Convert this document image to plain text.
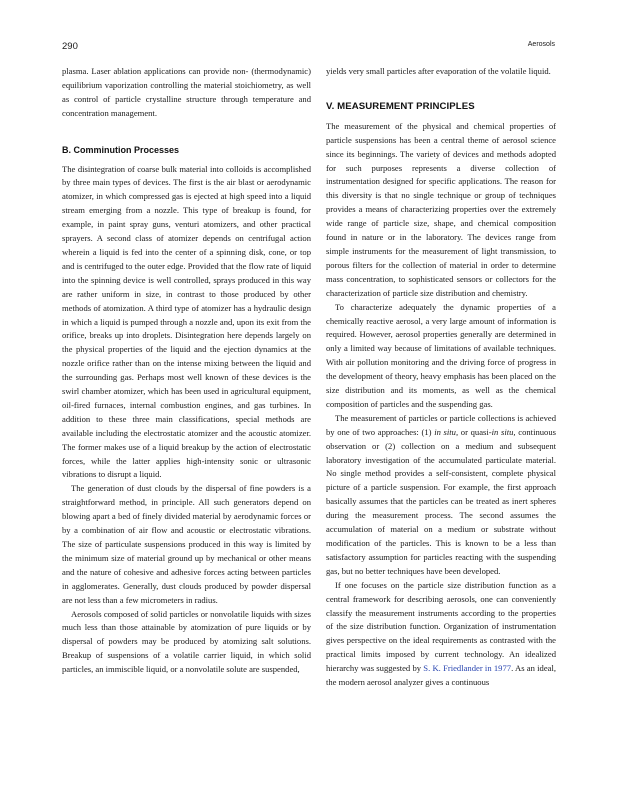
290	Aerosols

plasma. Laser ablation applications can provide non- (thermodynamic) equilibrium vaporization controlling the material stoichiometry, as well as control of particle crystalline structure through temperature and concentration management.

B. Comminution Processes

The disintegration of coarse bulk material into colloids is accomplished by three main types of devices. The first is the air blast or aerodynamic atomizer, in which compressed gas is ejected at high speed into a liquid stream emerging from a nozzle. This type of breakup is found, for example, in paint spray guns, venturi atomizers, and other practical sprayers. A second class of atomizer depends on centrifugal action wherein a liquid is fed into the center of a spinning disk, cone, or top and is centrifuged to the outer edge. Provided that the flow rate of liquid into the spinning device is well controlled, sprays produced in this way are rather uniform in size, in contrast to those produced by other methods of atomization. A third type of atomizer has a hydraulic design in which a liquid is pumped through a nozzle and, upon its exit from the orifice, breaks up into droplets. Disintegration here depends largely on the physical properties of the liquid and the ejection dynamics at the nozzle orifice rather than on the intense mixing between the liquid and the surrounding gas. Perhaps most well known of these devices is the swirl chamber atomizer, which has been used in agricultural equipment, oil-fired furnaces, internal combustion engines, and gas turbines. In addition to these three main classifications, special methods are available including the electrostatic atomizer and the acoustic atomizer. The former makes use of a liquid breakup by the action of electrostatic forces, while the latter applies high-intensity sonic or ultrasonic vibrations to disrupt a liquid.

The generation of dust clouds by the dispersal of fine powders is a straightforward method, in principle. All such generators depend on blowing apart a bed of finely divided material by aerodynamic forces or by a combination of air flow and acoustic or electrostatic vibrations. The size of particulate suspensions produced in this way is limited by the minimum size of material ground up by mechanical or other means and the nature of cohesive and adhesive forces acting between particles in agglomerates. Generally, dust clouds produced by powder dispersal are not less than a few micrometers in radius.

Aerosols composed of solid particles or nonvolatile liquids with sizes much less than those attainable by atomization of pure liquids or by dispersal of powders may be produced by atomizing salt solutions. Breakup of suspensions of a volatile carrier liquid, in which solid particles, an immiscible liquid, or a nonvolatile solute are suspended,

yields very small particles after evaporation of the volatile liquid.

V. MEASUREMENT PRINCIPLES

The measurement of the physical and chemical properties of particle suspensions has been a central theme of aerosol science since its beginnings. The variety of devices and methods adopted for such purposes represents a diverse collection of instrumentation designed for specific applications. The reason for this diversity is that no single technique or group of techniques provides a means of characterizing properties over the extremely wide range of particle size, shape, and chemical composition found in nature or in the laboratory. The devices range from simple instruments for the measurement of light transmission, to porous filters for the collection of material in order to determine mass concentration, to sophisticated sensors or collectors for the characterization of particle size distribution and chemistry.

To characterize adequately the dynamic properties of a chemically reactive aerosol, a very large amount of information is required. However, aerosol properties generally are determined in only a limited way because of limitations of available techniques. With air pollution monitoring and the driving force of progress in the development of theory, heavy emphasis has been placed on the size distribution and its moments, as well as the chemical composition of particles and the suspending gas.

The measurement of particles or particle collections is achieved by one of two approaches: (1) in situ, or quasi-in situ, continuous observation or (2) collection on a medium and subsequent laboratory investigation of the accumulated particulate material. No single method provides a self-consistent, complete physical picture of a particle suspension. For example, the first approach basically assumes that the particles can be treated as inert spheres during the measurement process. The second assumes the accumulation of material on a medium or substrate without modification of the particles. This is known to be a less than satisfactory assumption for particles reacting with the suspending gas, but no better techniques have been developed.

If one focuses on the particle size distribution function as a central framework for describing aerosols, one can conveniently classify the measurement instruments according to the properties of the size distribution function. Organization of instrumentation gives perspective on the ideal requirements as contrasted with the practical limits imposed by current technology. An idealized hierarchy was suggested by S. K. Friedlander in 1977. As an ideal, the modern aerosol analyzer gives a continuous
